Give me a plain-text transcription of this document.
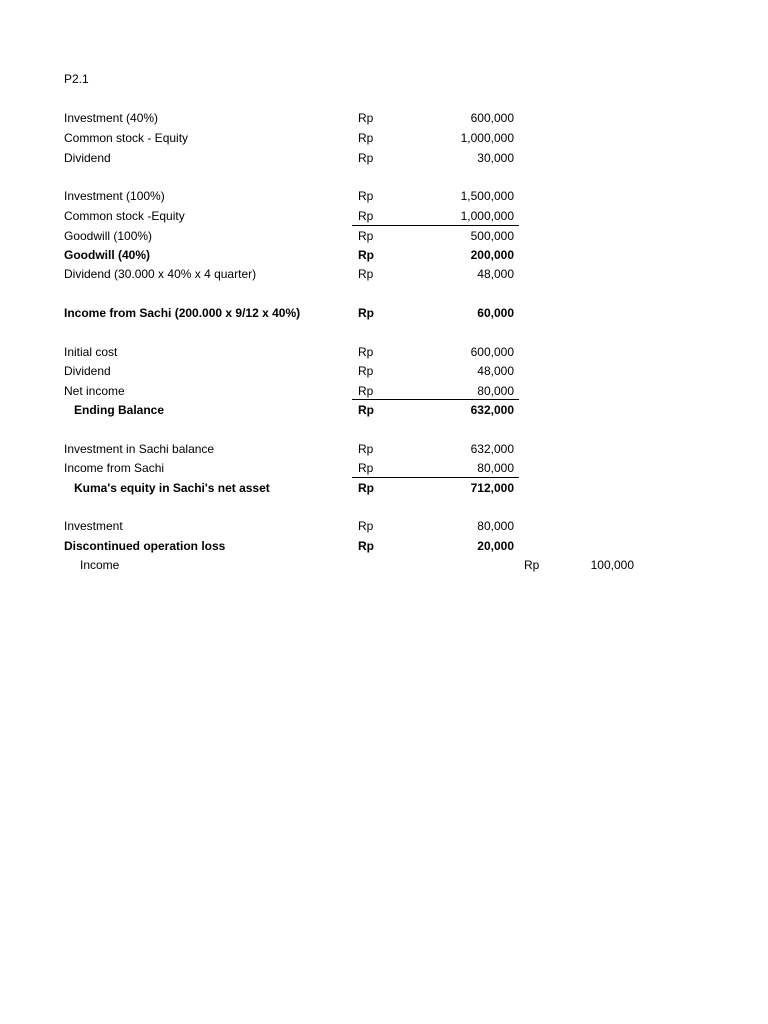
P2.1
Investment (40%)	Rp	600,000
Common stock - Equity	Rp	1,000,000
Dividend	Rp	30,000
Investment (100%)	Rp	1,500,000
Common stock -Equity	Rp	1,000,000
Goodwill (100%)	Rp	500,000
Goodwill (40%)	Rp	200,000
Dividend (30.000 x 40% x 4 quarter)	Rp	48,000
Income from Sachi (200.000 x 9/12 x 40%)	Rp	60,000
Initial cost	Rp	600,000
Dividend	Rp	48,000
Net income	Rp	80,000
Ending Balance	Rp	632,000
Investment in Sachi balance	Rp	632,000
Income from Sachi	Rp	80,000
Kuma's equity in Sachi's net asset	Rp	712,000
Investment	Rp	80,000
Discontinued operation loss	Rp	20,000
Income	Rp	100,000
